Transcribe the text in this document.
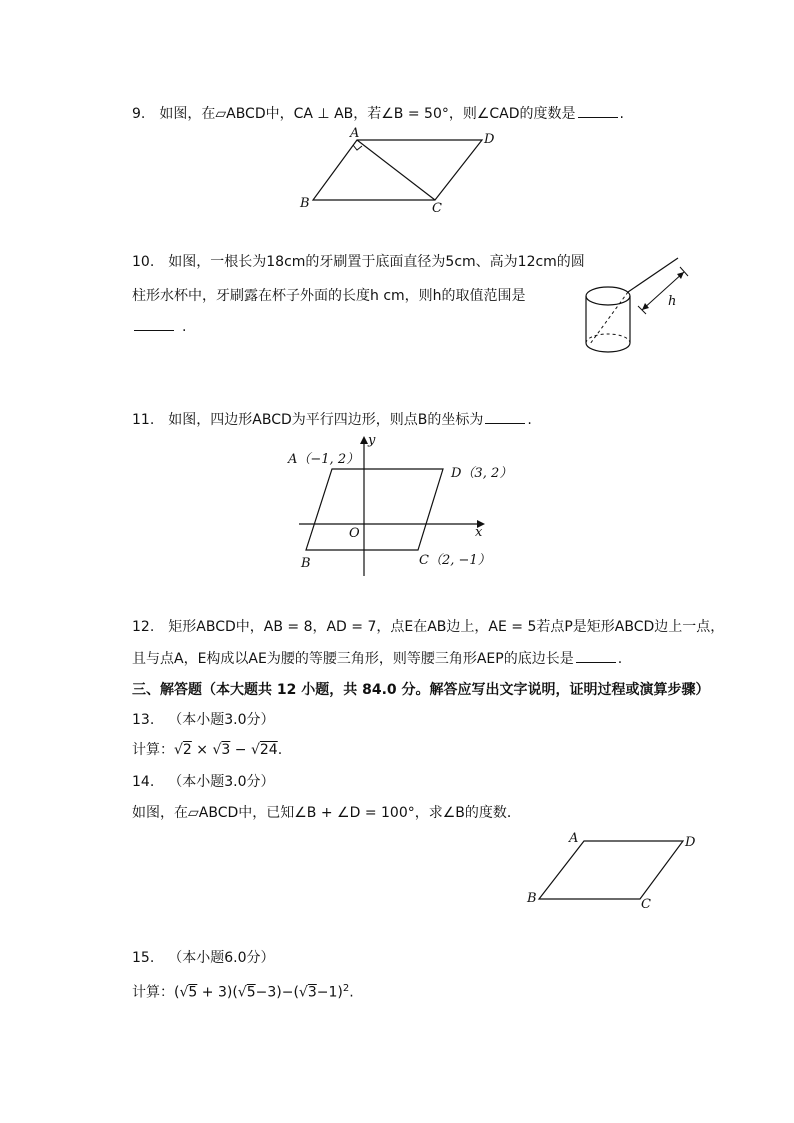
9. 如图，在▱ABCD中，CA ⊥ AB，若∠B = 50°，则∠CAD的度数是	.
A	D
B	C
10. 如图，一根长为18cm的牙刷置于底面直径为5cm、高为12cm的圆
柱形水杯中，牙刷露在杯子外面的长度h cm，则h的取值范围是
.
h
11. 如图，四边形ABCD为平行四边形，则点B的坐标为	.
y
x
O
A（−1, 2）
D（3, 2）
B	C（2, −1）
12. 矩形ABCD中，AB = 8，AD = 7，点E在AB边上，AE = 5若点P是矩形ABCD边上一点，
且与点A，E构成以AE为腰的等腰三角形，则等腰三角形AEP的底边长是	.
三、解答题（本大题共 12 小题，共 84.0 分。解答应写出文字说明，证明过程或演算步骤）
13. （本小题3.0分）
计算：√2 × √3 − √24.
14. （本小题3.0分）
如图，在▱ABCD中，已知∠B + ∠D = 100°，求∠B的度数．
A	D
B	C
15. （本小题6.0分）
计算：$(√5 + 3)(√5-3)-(√3-1)^2$.
